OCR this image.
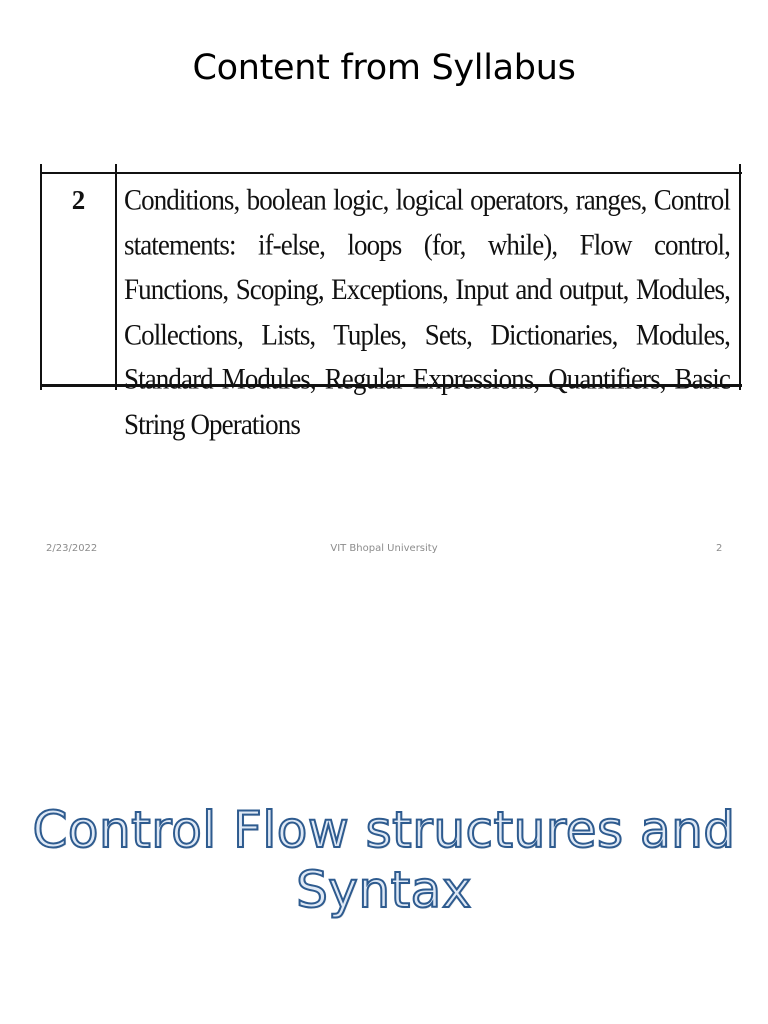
Content from Syllabus
2	Conditions, boolean logic, logical operators, ranges, Control statements: if-else, loops (for, while), Flow control, Functions, Scoping, Exceptions, Input and output, Modules, Collections, Lists, Tuples, Sets, Dictionaries, Modules, Standard Modules, Regular Expressions, Quantifiers, Basic String Operations
2/23/2022	VIT Bhopal University	2
Control Flow structures and
Syntax
